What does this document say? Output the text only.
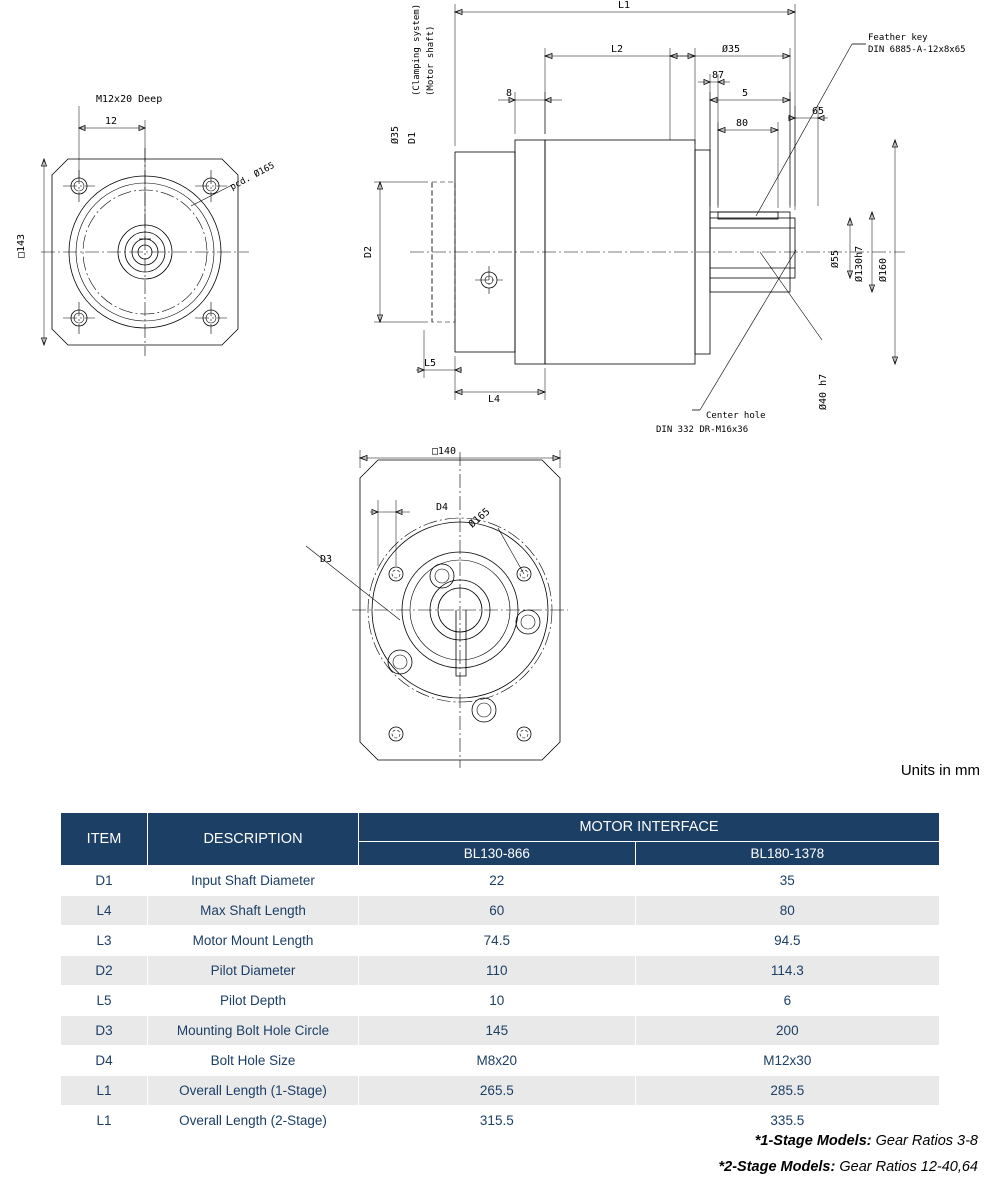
M12x20 Deep
12
pcd. Ø165
□143
L1
L2	Ø35
87
5
80
65
8
(Clamping system) (Motor shaft)
Ø35 D1
D2
L5
L4
Ø55 Ø130h7 Ø160
Ø40 h7
Feather key
DIN 6885-A-12x8x65
Center hole
DIN 332 DR-M16x36
□140
D4
D3
Ø165
Units in mm
ITEM	DESCRIPTION	MOTOR INTERFACE	
		BL130-866	BL180-1378
D1	Input Shaft Diameter	22	35
L4	Max Shaft Length	60	80
L3	Motor Mount Length	74.5	94.5
D2	Pilot Diameter	110	114.3
L5	Pilot Depth	10	6
D3	Mounting Bolt Hole Circle	145	200
D4	Bolt Hole Size	M8x20	M12x30
L1	Overall Length (1-Stage)	265.5	285.5
L1	Overall Length (2-Stage)	315.5	335.5
*1-Stage Models: Gear Ratios 3-8
*2-Stage Models: Gear Ratios 12-40,64
